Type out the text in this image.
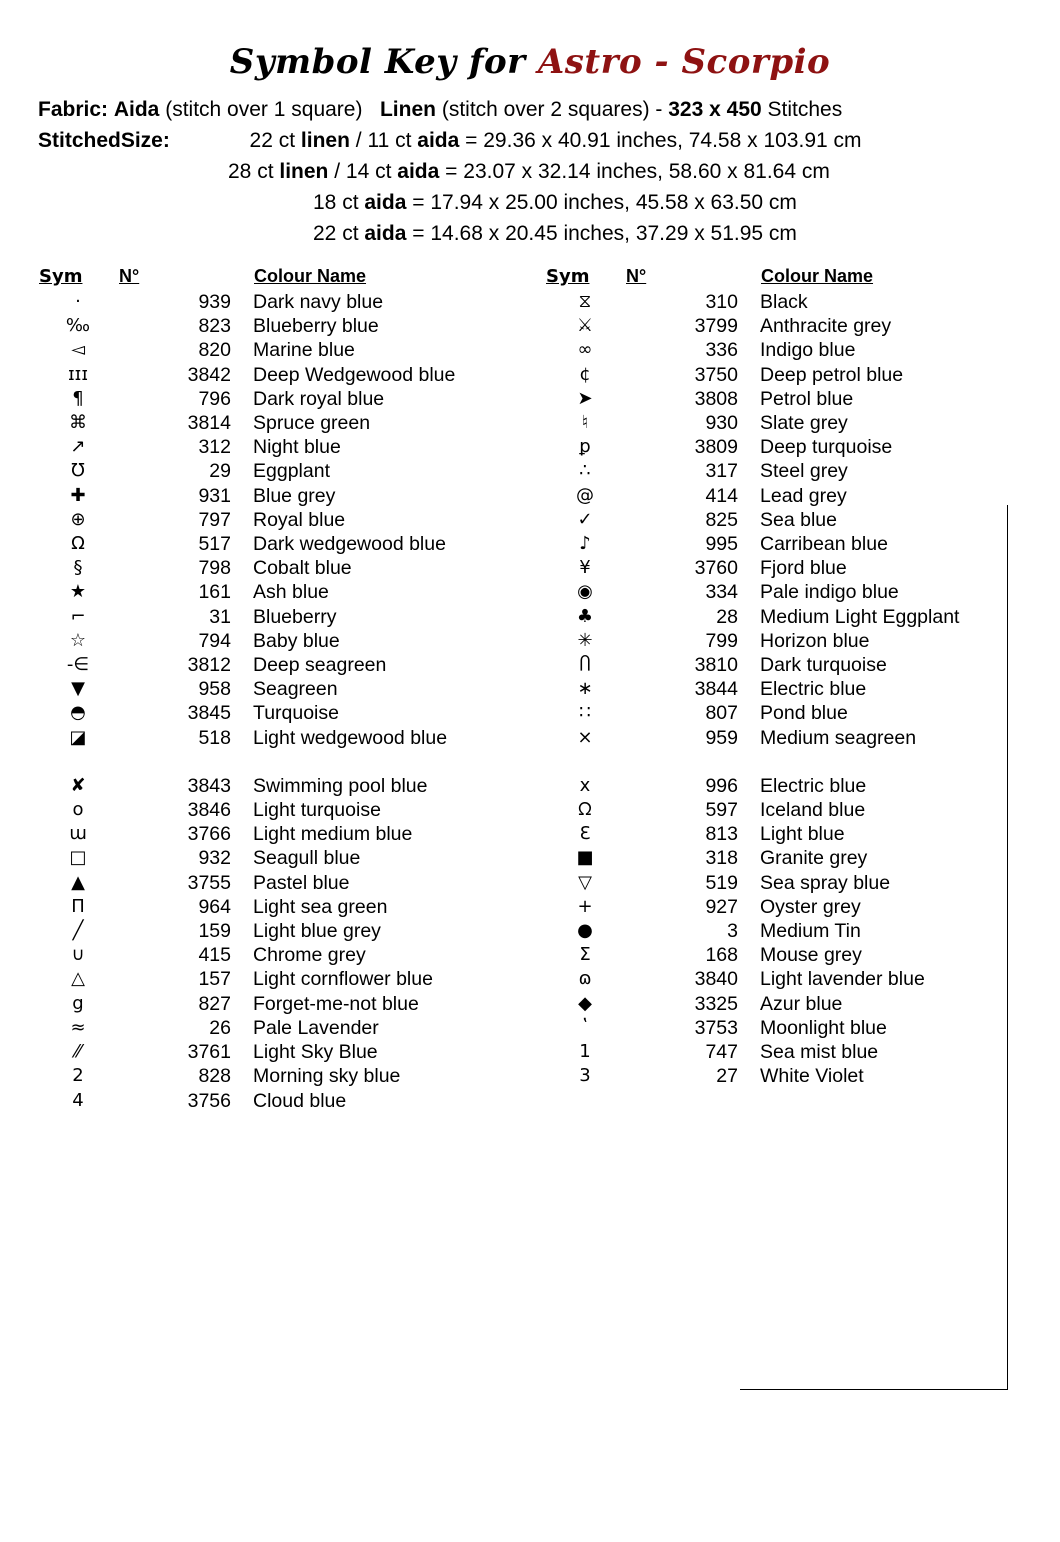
Symbol Key for Astro - Scorpio
Fabric: Aida (stitch over 1 square) Linen (stitch over 2 squares) - 323 x 450 Stitches
StitchedSize:	22 ct linen / 11 ct aida = 29.36 x 40.91 inches, 74.58 x 103.91 cm
28 ct linen / 14 ct aida = 23.07 x 32.14 inches, 58.60 x 81.64 cm
18 ct aida = 17.94 x 25.00 inches, 45.58 x 63.50 cm
22 ct aida = 14.68 x 20.45 inches, 37.29 x 51.95 cm
Sym	N°	Colour Name		Sym	N°	Colour Name
·	939	Dark navy blue		⧖	310	Black
‰	823	Blueberry blue		⚔	3799	Anthracite grey
◅	820	Marine blue		∞	336	Indigo blue
ɪɪɪ	3842	Deep Wedgewood blue		¢	3750	Deep petrol blue
¶	796	Dark royal blue		➤	3808	Petrol blue
⌘	3814	Spruce green		♮	930	Slate grey
↗	312	Night blue		ꝑ	3809	Deep turquoise
℧	29	Eggplant		∴	317	Steel grey
✚	931	Blue grey		@	414	Lead grey
⊕	797	Royal blue		✓	825	Sea blue
Ω	517	Dark wedgewood blue		♪	995	Carribean blue
§	798	Cobalt blue		¥	3760	Fjord blue
★	161	Ash blue		◉	334	Pale indigo blue
⌐	31	Blueberry		♣	28	Medium Light Eggplant
☆	794	Baby blue		✳	799	Horizon blue
-∈	3812	Deep seagreen		Ⴖ	3810	Dark turquoise
▼	958	Seagreen		∗	3844	Electric blue
◓	3845	Turquoise		∷	807	Pond blue
◪	518	Light wedgewood blue		⨯	959	Medium seagreen

✘	3843	Swimming pool blue		x	996	Electric blue
o	3846	Light turquoise		ᘯ	597	Iceland blue
ɯ	3766	Light medium blue		Ɛ	813	Light blue
□	932	Seagull blue		■	318	Granite grey
▲	3755	Pastel blue		▽	519	Sea spray blue
Π	964	Light sea green		+	927	Oyster grey
╱	159	Light blue grey		●	3	Medium Tin
∪	415	Chrome grey		Σ	168	Mouse grey
△	157	Light cornflower blue		ɷ	3840	Light lavender blue
g	827	Forget-me-not blue		◆	3325	Azur blue
≈	26	Pale Lavender		ʽ	3753	Moonlight blue
⁄⁄	3761	Light Sky Blue		1	747	Sea mist blue
2	828	Morning sky blue		3	27	White Violet
4	3756	Cloud blue				
